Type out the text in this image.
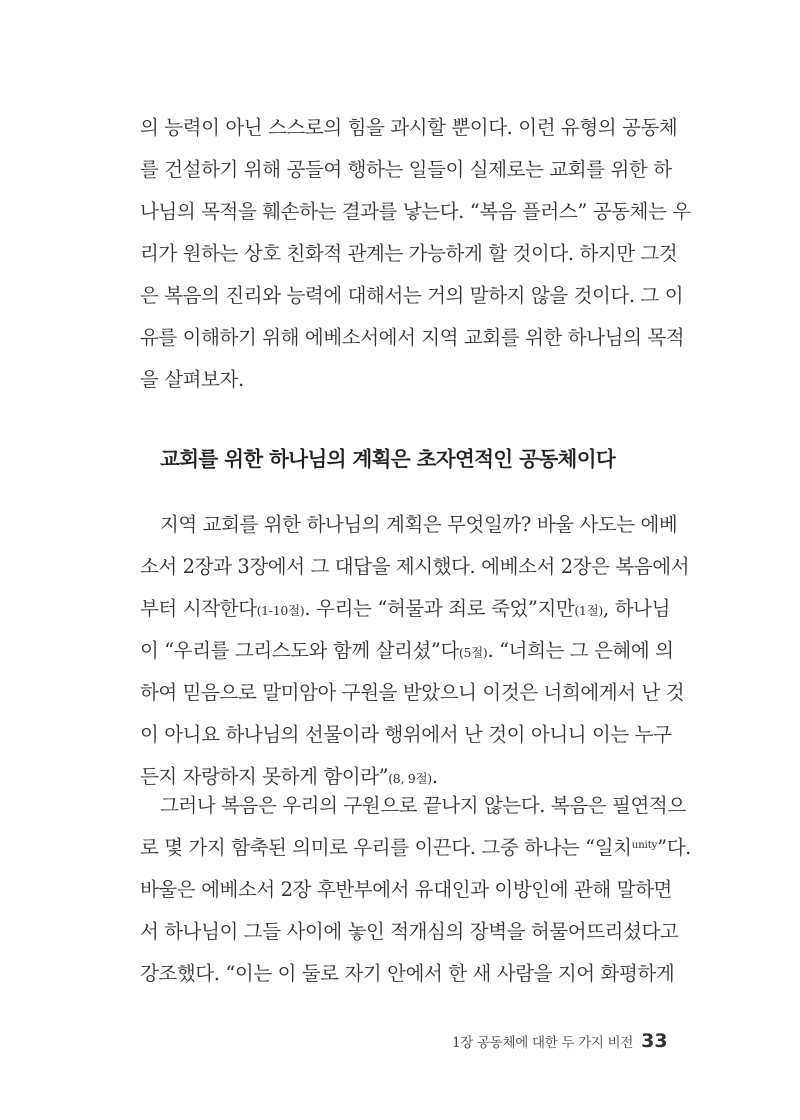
의 능력이 아닌 스스로의 힘을 과시할 뿐이다. 이런 유형의 공동체
를 건설하기 위해 공들여 행하는 일들이 실제로는 교회를 위한 하
나님의 목적을 훼손하는 결과를 낳는다. “복음 플러스” 공동체는 우
리가 원하는 상호 친화적 관계는 가능하게 할 것이다. 하지만 그것
은 복음의 진리와 능력에 대해서는 거의 말하지 않을 것이다. 그 이
유를 이해하기 위해 에베소서에서 지역 교회를 위한 하나님의 목적
을 살펴보자.
교회를 위한 하나님의 계획은 초자연적인 공동체이다
지역 교회를 위한 하나님의 계획은 무엇일까? 바울 사도는 에베
소서 2장과 3장에서 그 대답을 제시했다. 에베소서 2장은 복음에서
부터 시작한다(1-10절). 우리는 “허물과 죄로 죽었”지만(1절), 하나님
이 “우리를 그리스도와 함께 살리셨”다(5절). “너희는 그 은혜에 의
하여 믿음으로 말미암아 구원을 받았으니 이것은 너희에게서 난 것
이 아니요 하나님의 선물이라 행위에서 난 것이 아니니 이는 누구
든지 자랑하지 못하게 함이라”(8, 9절).
그러나 복음은 우리의 구원으로 끝나지 않는다. 복음은 필연적으
로 몇 가지 함축된 의미로 우리를 이끈다. 그중 하나는 “일치$^{unity}$”다.
바울은 에베소서 2장 후반부에서 유대인과 이방인에 관해 말하면
서 하나님이 그들 사이에 놓인 적개심의 장벽을 허물어뜨리셨다고
강조했다. “이는 이 둘로 자기 안에서 한 새 사람을 지어 화평하게
1장 공동체에 대한 두 가지 비전 33
